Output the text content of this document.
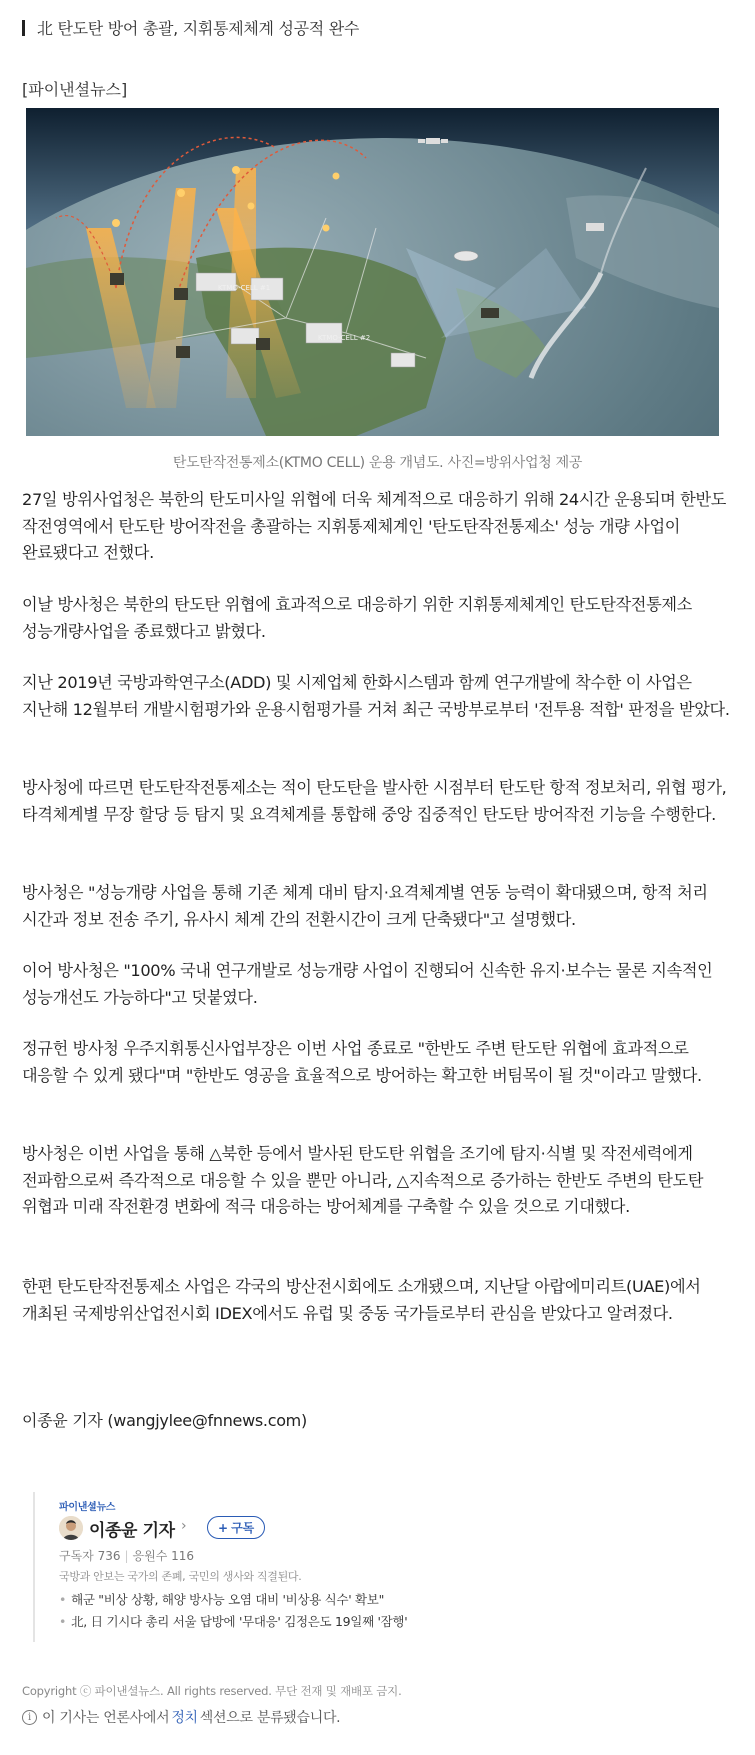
北 탄도탄 방어 총괄, 지휘통제체계 성공적 완수
[파이낸셜뉴스]
KTMO-CELL #1
KTMO-CELL #2
탄도탄작전통제소(KTMO CELL) 운용 개념도. 사진=방위사업청 제공

27일 방위사업청은 북한의 탄도미사일 위협에 더욱 체계적으로 대응하기 위해 24시간 운용되며 한반도 작전영역에서 탄도탄 방어작전을 총괄하는 지휘통제체계인 '탄도탄작전통제소' 성능 개량 사업이 완료됐다고 전했다.

이날 방사청은 북한의 탄도탄 위협에 효과적으로 대응하기 위한 지휘통제체계인 탄도탄작전통제소 성능개량사업을 종료했다고 밝혔다.

지난 2019년 국방과학연구소(ADD) 및 시제업체 한화시스템과 함께 연구개발에 착수한 이 사업은 지난해 12월부터 개발시험평가와 운용시험평가를 거쳐 최근 국방부로부터 '전투용 적합' 판정을 받았다.

방사청에 따르면 탄도탄작전통제소는 적이 탄도탄을 발사한 시점부터 탄도탄 항적 정보처리, 위협 평가, 타격체계별 무장 할당 등 탐지 및 요격체계를 통합해 중앙 집중적인 탄도탄 방어작전 기능을 수행한다.

방사청은 "성능개량 사업을 통해 기존 체계 대비 탐지·요격체계별 연동 능력이 확대됐으며, 항적 처리 시간과 정보 전송 주기, 유사시 체계 간의 전환시간이 크게 단축됐다"고 설명했다.

이어 방사청은 "100% 국내 연구개발로 성능개량 사업이 진행되어 신속한 유지·보수는 물론 지속적인 성능개선도 가능하다"고 덧붙였다.

정규헌 방사청 우주지휘통신사업부장은 이번 사업 종료로 "한반도 주변 탄도탄 위협에 효과적으로 대응할 수 있게 됐다"며 "한반도 영공을 효율적으로 방어하는 확고한 버팀목이 될 것"이라고 말했다.

방사청은 이번 사업을 통해 △북한 등에서 발사된 탄도탄 위협을 조기에 탐지·식별 및 작전세력에게 전파함으로써 즉각적으로 대응할 수 있을 뿐만 아니라, △지속적으로 증가하는 한반도 주변의 탄도탄 위협과 미래 작전환경 변화에 적극 대응하는 방어체계를 구축할 수 있을 것으로 기대했다.

한편 탄도탄작전통제소 사업은 각국의 방산전시회에도 소개됐으며, 지난달 아랍에미리트(UAE)에서 개최된 국제방위산업전시회 IDEX에서도 유럽 및 중동 국가들로부터 관심을 받았다고 알려졌다.

이종윤 기자 (wangjylee@fnnews.com)
파이낸셜뉴스
이종윤 기자 ›	+ 구독
구독자 736 | 응원수 116
국방과 안보는 국가의 존폐, 국민의 생사와 직결된다.
• 해군 "비상 상황, 해양 방사능 오염 대비 '비상용 식수' 확보"
• 北, 日 기시다 총리 서울 답방에 '무대응' 김정은도 19일째 '잠행'
Copyright ⓒ 파이낸셜뉴스. All rights reserved. 무단 전재 및 재배포 금지.
i 이 기사는 언론사에서 정치 섹션으로 분류됐습니다.
